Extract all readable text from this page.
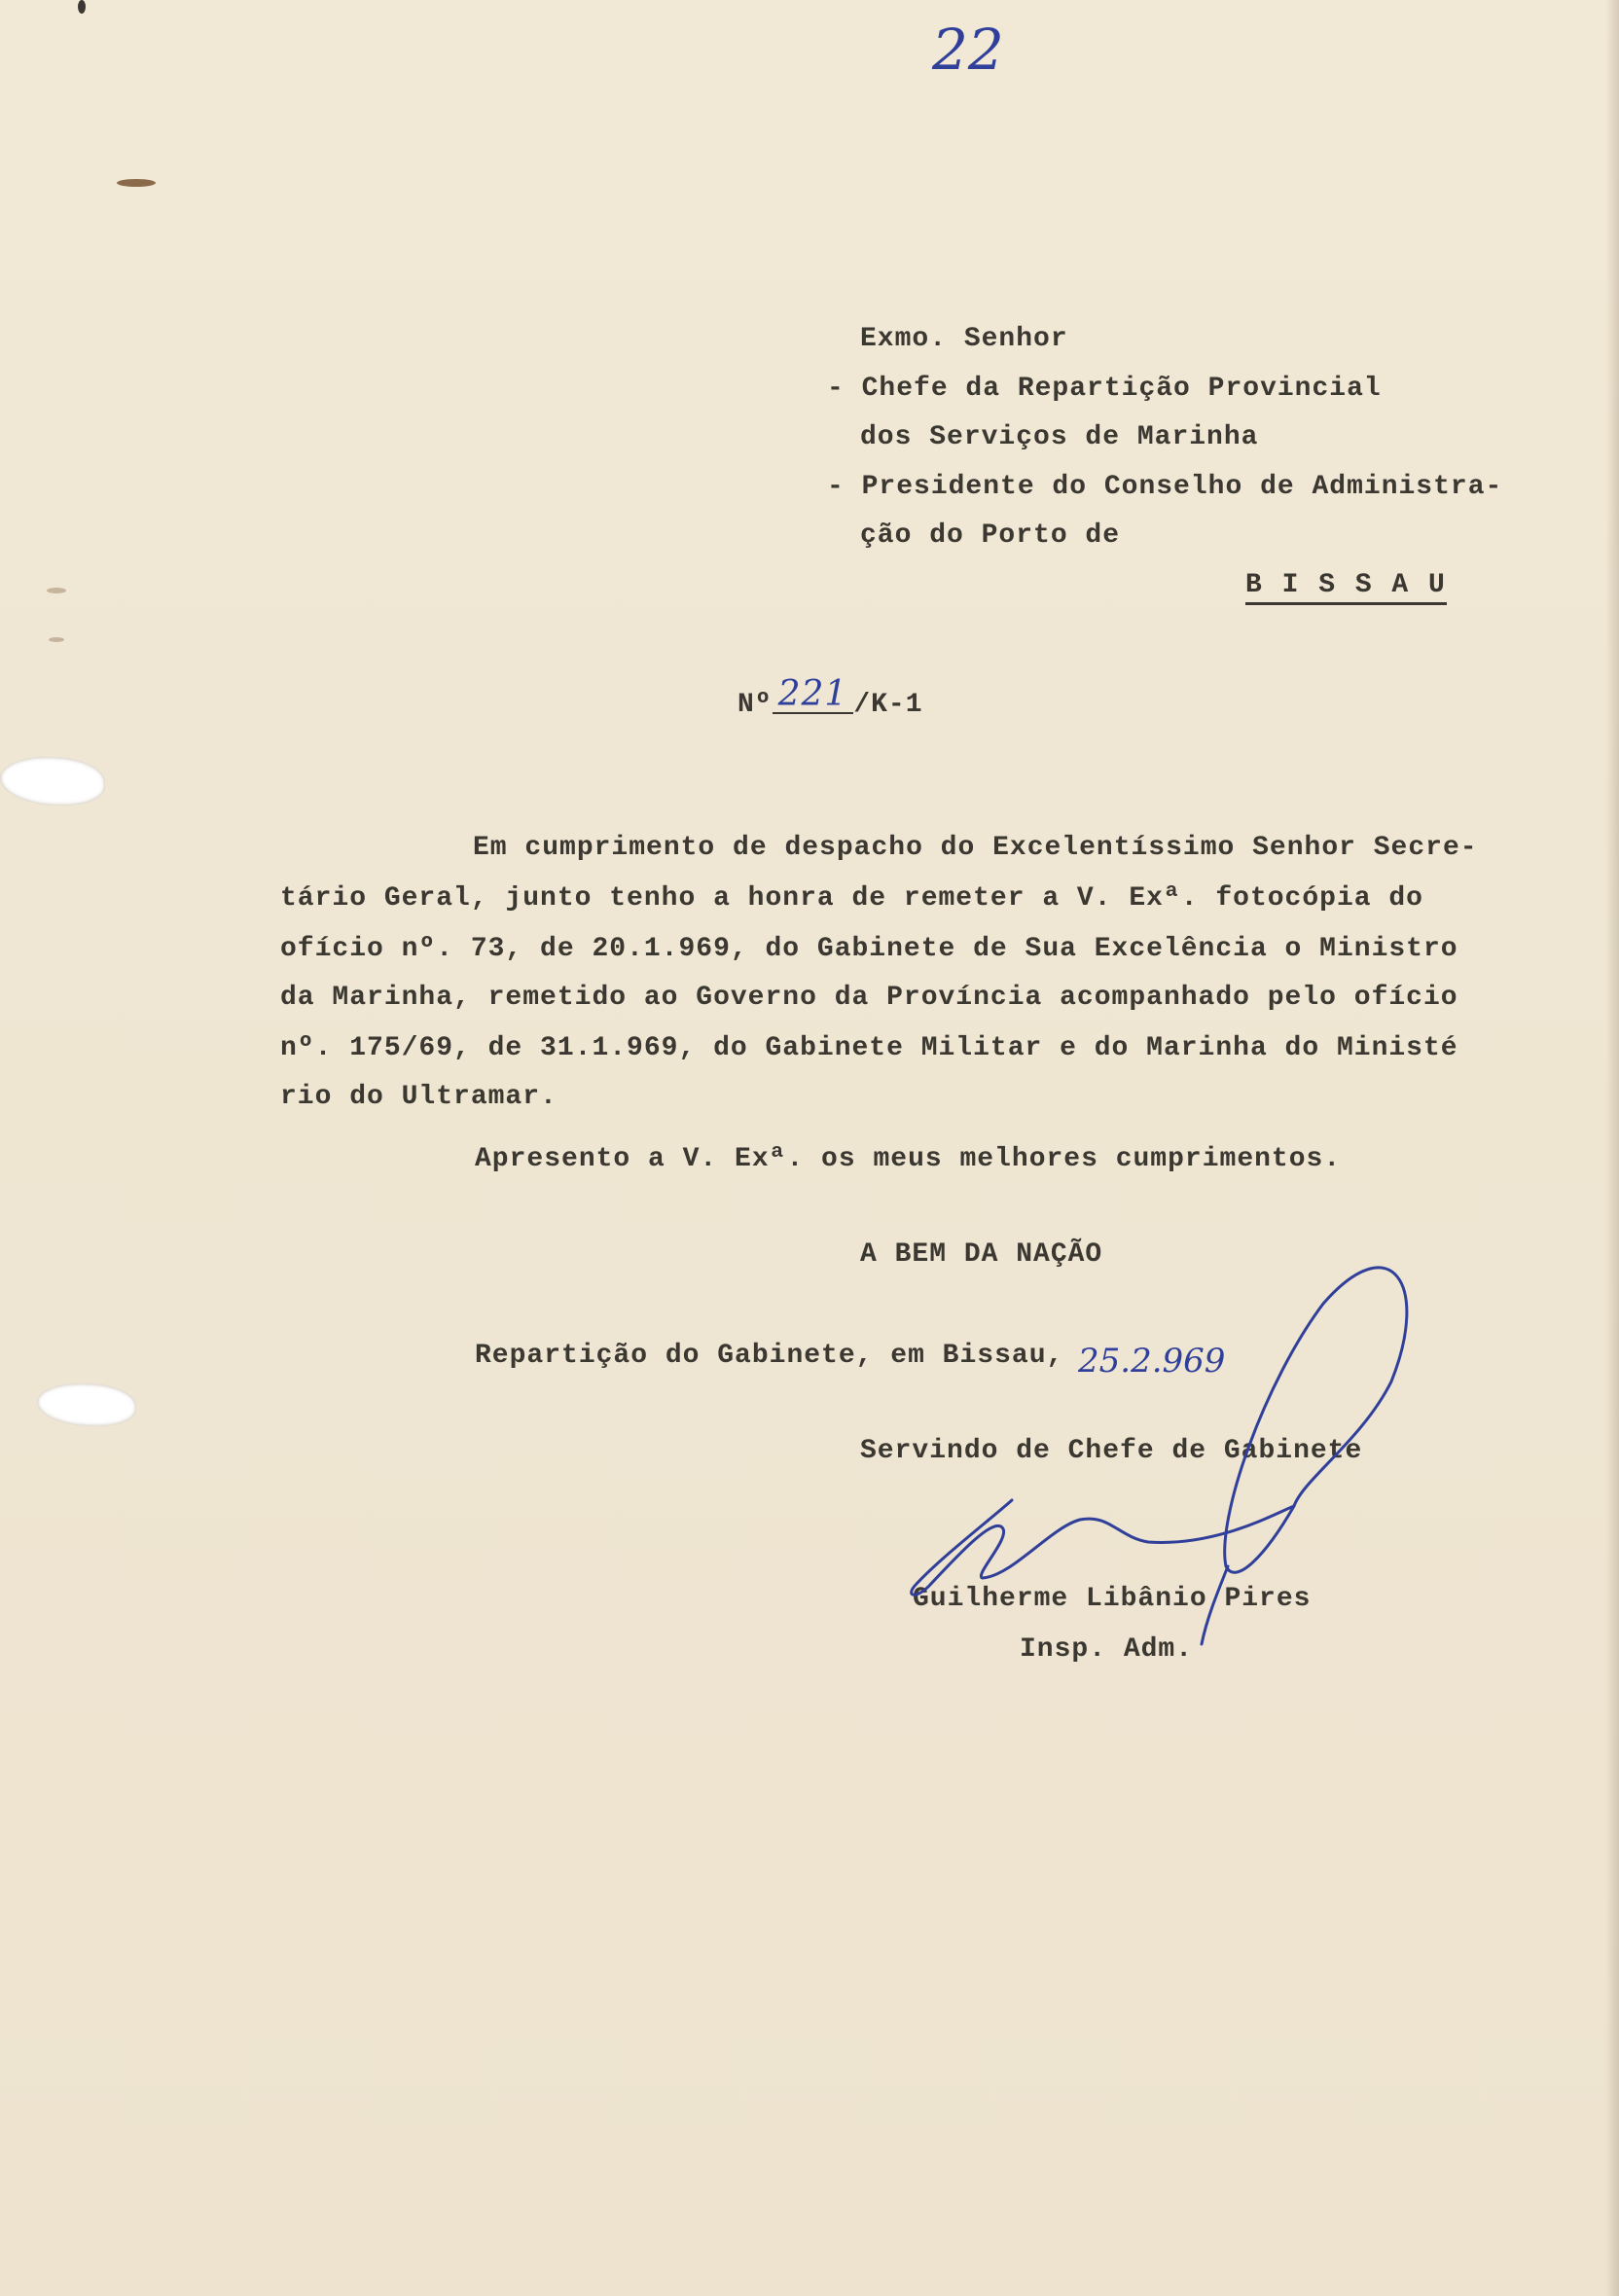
22
Exmo. Senhor
- Chefe da Repartição Provincial
dos Serviços de Marinha
- Presidente do Conselho de Administra-
ção do Porto de
B I S S A U
Nº 221 /K-1
Em cumprimento de despacho do Excelentíssimo Senhor Secre-
tário Geral, junto tenho a honra de remeter a V. Exª. fotocópia do
ofício nº. 73, de 20.1.969, do Gabinete de Sua Excelência o Ministro
da Marinha, remetido ao Governo da Província acompanhado pelo ofício
nº. 175/69, de 31.1.969, do Gabinete Militar e do Marinha do Ministé
rio do Ultramar.
Apresento a V. Exª. os meus melhores cumprimentos.
A BEM DA NAÇÃO
Repartição do Gabinete, em Bissau, 25.2.969
Servindo de Chefe de Gabinete
Guilherme Libânio Pires
Insp. Adm.
